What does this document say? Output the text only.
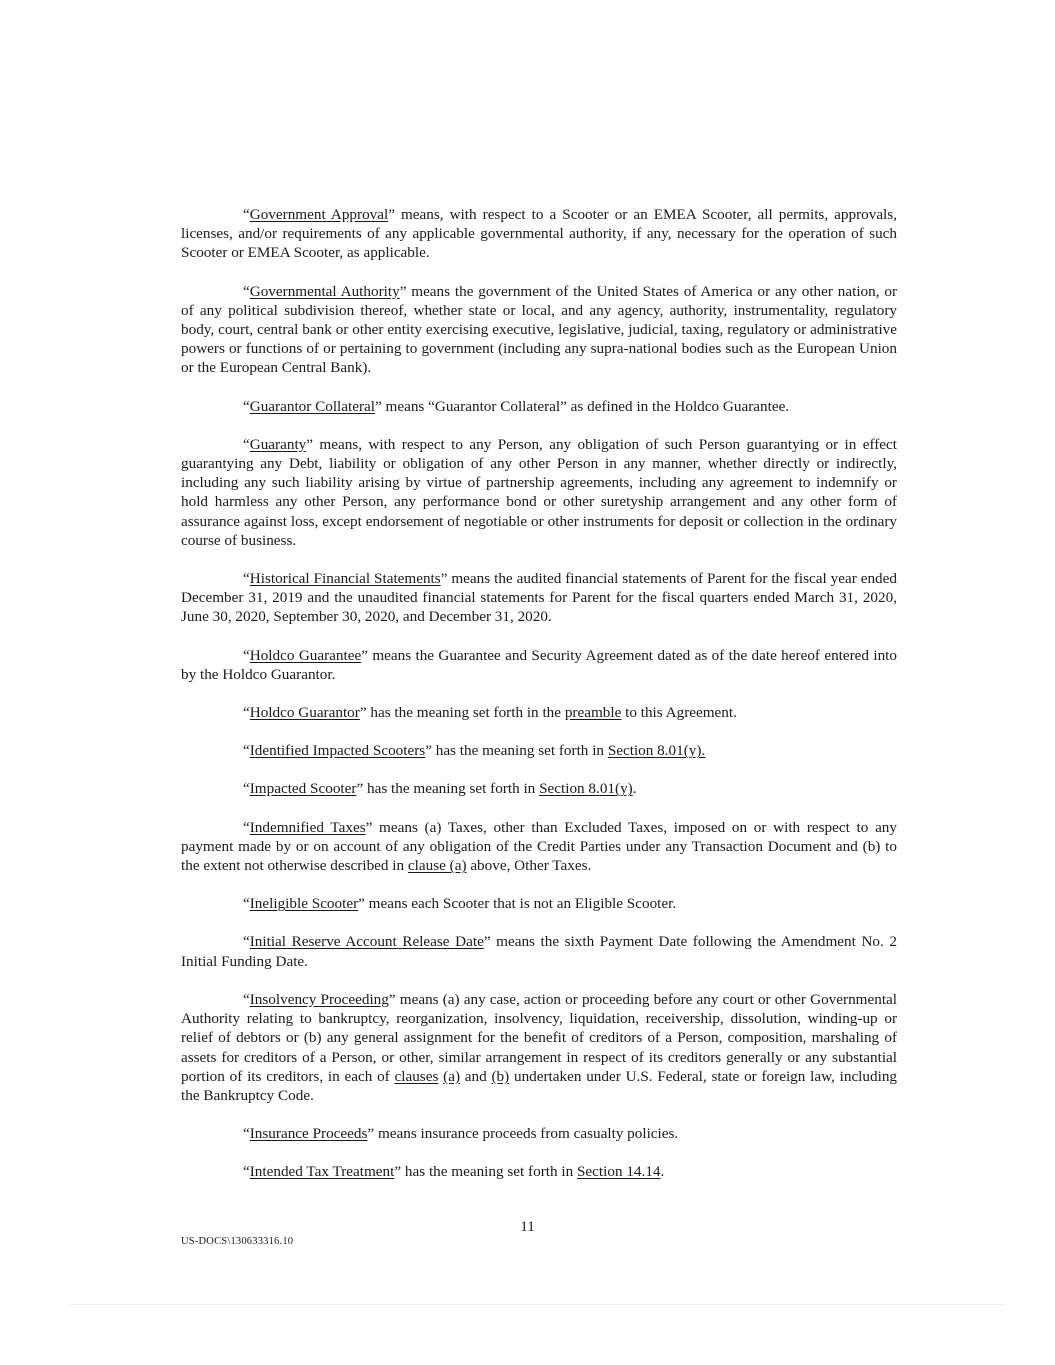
“Government Approval” means, with respect to a Scooter or an EMEA Scooter, all permits, approvals, licenses, and/or requirements of any applicable governmental authority, if any, necessary for the operation of such Scooter or EMEA Scooter, as applicable.

“Governmental Authority” means the government of the United States of America or any other nation, or of any political subdivision thereof, whether state or local, and any agency, authority, instrumentality, regulatory body, court, central bank or other entity exercising executive, legislative, judicial, taxing, regulatory or administrative powers or functions of or pertaining to government (including any supra-national bodies such as the European Union or the European Central Bank).

“Guarantor Collateral” means “Guarantor Collateral” as defined in the Holdco Guarantee.

“Guaranty” means, with respect to any Person, any obligation of such Person guarantying or in effect guarantying any Debt, liability or obligation of any other Person in any manner, whether directly or indirectly, including any such liability arising by virtue of partnership agreements, including any agreement to indemnify or hold harmless any other Person, any performance bond or other suretyship arrangement and any other form of assurance against loss, except endorsement of negotiable or other instruments for deposit or collection in the ordinary course of business.

“Historical Financial Statements” means the audited financial statements of Parent for the fiscal year ended December 31, 2019 and the unaudited financial statements for Parent for the fiscal quarters ended March 31, 2020, June 30, 2020, September 30, 2020, and December 31, 2020.

“Holdco Guarantee” means the Guarantee and Security Agreement dated as of the date hereof entered into by the Holdco Guarantor.

“Holdco Guarantor” has the meaning set forth in the preamble to this Agreement.

“Identified Impacted Scooters” has the meaning set forth in Section 8.01(y).

“Impacted Scooter” has the meaning set forth in Section 8.01(y).

“Indemnified Taxes” means (a) Taxes, other than Excluded Taxes, imposed on or with respect to any payment made by or on account of any obligation of the Credit Parties under any Transaction Document and (b) to the extent not otherwise described in clause (a) above, Other Taxes.

“Ineligible Scooter” means each Scooter that is not an Eligible Scooter.

“Initial Reserve Account Release Date” means the sixth Payment Date following the Amendment No. 2 Initial Funding Date.

“Insolvency Proceeding” means (a) any case, action or proceeding before any court or other Governmental Authority relating to bankruptcy, reorganization, insolvency, liquidation, receivership, dissolution, winding-up or relief of debtors or (b) any general assignment for the benefit of creditors of a Person, composition, marshaling of assets for creditors of a Person, or other, similar arrangement in respect of its creditors generally or any substantial portion of its creditors, in each of clauses (a) and (b) undertaken under U.S. Federal, state or foreign law, including the Bankruptcy Code.

“Insurance Proceeds” means insurance proceeds from casualty policies.

“Intended Tax Treatment” has the meaning set forth in Section 14.14.

11
US-DOCS\130633316.10
